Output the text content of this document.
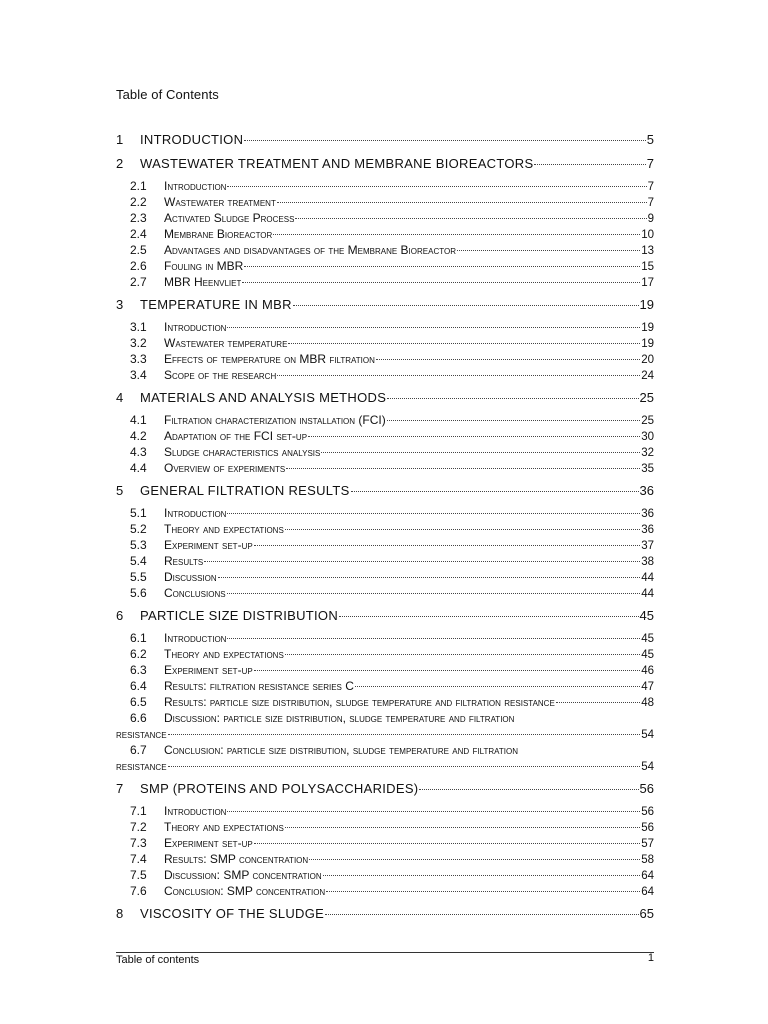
Table of Contents
1	INTRODUCTION	5
2	WASTEWATER TREATMENT AND MEMBRANE BIOREACTORS	7
2.1	Introduction	7
2.2	Wastewater treatment	7
2.3	Activated Sludge Process	9
2.4	Membrane Bioreactor	10
2.5	Advantages and disadvantages of the Membrane Bioreactor	13
2.6	Fouling in MBR	15
2.7	MBR Heenvliet	17
3	TEMPERATURE IN MBR	19
3.1	Introduction	19
3.2	Wastewater temperature	19
3.3	Effects of temperature on MBR filtration	20
3.4	Scope of the research	24
4	MATERIALS AND ANALYSIS METHODS	25
4.1	Filtration characterization installation (FCI)	25
4.2	Adaptation of the FCI set-up	30
4.3	Sludge characteristics analysis	32
4.4	Overview of experiments	35
5	GENERAL FILTRATION RESULTS	36
5.1	Introduction	36
5.2	Theory and expectations	36
5.3	Experiment set-up	37
5.4	Results	38
5.5	Discussion	44
5.6	Conclusions	44
6	PARTICLE SIZE DISTRIBUTION	45
6.1	Introduction	45
6.2	Theory and expectations	45
6.3	Experiment set-up	46
6.4	Results: filtration resistance series C	47
6.5	Results: particle size distribution, sludge temperature and filtration resistance	48
6.6 Discussion: particle size distribution, sludge temperature and filtration
resistance	54
6.7 Conclusion: particle size distribution, sludge temperature and filtration
resistance	54
7	SMP (PROTEINS AND POLYSACCHARIDES)	56
7.1	Introduction	56
7.2	Theory and expectations	56
7.3	Experiment set-up	57
7.4	Results: SMP concentration	58
7.5	Discussion: SMP concentration	64
7.6	Conclusion: SMP concentration	64
8	VISCOSITY OF THE SLUDGE	65
Table of contents	1
